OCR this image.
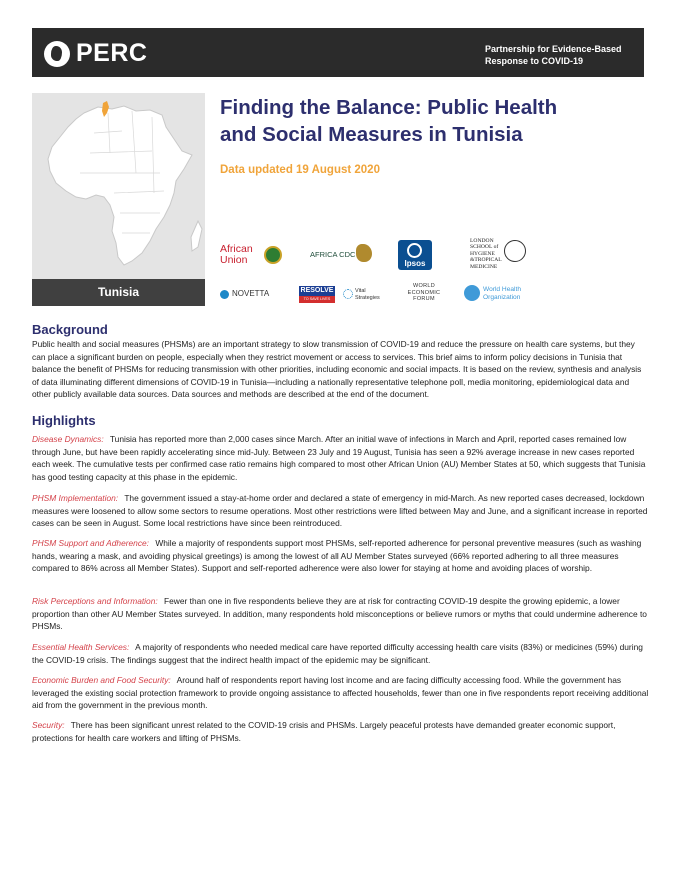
PERC	Partnership for Evidence-Based
Response to COVID-19
Tunisia
Finding the Balance: Public Health
and Social Measures in Tunisia
Data updated 19 August 2020
African Union	AFRICA CDC
Ipsos
LONDON
SCHOOL of
HYGIENE
&TROPICAL
MEDICINE
NOVETTA	RESOLVE
TO SAVE LIVES
Vital
Strategies
WORLD
ECONOMIC
FORUM
World Health
Organization
Background
Public health and social measures (PHSMs) are an important strategy to slow transmission of COVID-19 and reduce the pressure on health care systems, but they can place a significant burden on people, especially when they restrict movement or access to services. This brief aims to inform policy decisions in Tunisia that balance the benefit of PHSMs for reducing transmission with other priorities, including economic and social impacts. It is based on the review, synthesis and analysis of data illuminating different dimensions of COVID-19 in Tunisia—including a nationally representative telephone poll, media monitoring, epidemiological data and other publicly available data sources. Data sources and methods are described at the end of the document.
Highlights
Disease Dynamics: Tunisia has reported more than 2,000 cases since March. After an initial wave of infections in March and April, reported cases remained low through June, but have been rapidly accelerating since mid-July. Between 23 July and 19 August, Tunisia has seen a 92% average increase in new cases reported each week. The cumulative tests per confirmed case ratio remains high compared to most other African Union (AU) Member States at 50, which suggests that Tunisia has good testing capacity at this phase in the epidemic.
PHSM Implementation: The government issued a stay-at-home order and declared a state of emergency in mid-March. As new reported cases decreased, lockdown measures were loosened to allow some sectors to resume operations. Most other restrictions were lifted between May and June, and a significant increase in reported cases can be seen in August. Some local restrictions have since been reintroduced.
PHSM Support and Adherence: While a majority of respondents support most PHSMs, self-reported adherence for personal preventive measures (such as washing hands, wearing a mask, and avoiding physical greetings) is among the lowest of all AU Member States surveyed (66% reported adhering to all three measures compared to 86% across all Member States). Support and self-reported adherence were also lower for staying at home and avoiding places of worship.
Risk Perceptions and Information: Fewer than one in five respondents believe they are at risk for contracting COVID-19 despite the growing epidemic, a lower proportion than other AU Member States surveyed. In addition, many respondents hold misconceptions or believe rumors or myths that could undermine adherence to PHSMs.
Essential Health Services: A majority of respondents who needed medical care have reported difficulty accessing health care visits (83%) or medicines (59%) during the COVID-19 crisis. The findings suggest that the indirect health impact of the epidemic may be significant.
Economic Burden and Food Security: Around half of respondents report having lost income and are facing difficulty accessing food. While the government has leveraged the existing social protection framework to provide ongoing assistance to affected households, fewer than one in five respondents report receiving additional aid from the government in the previous month.
Security: There has been significant unrest related to the COVID-19 crisis and PHSMs. Largely peaceful protests have demanded greater economic support, protections for health care workers and lifting of PHSMs.
